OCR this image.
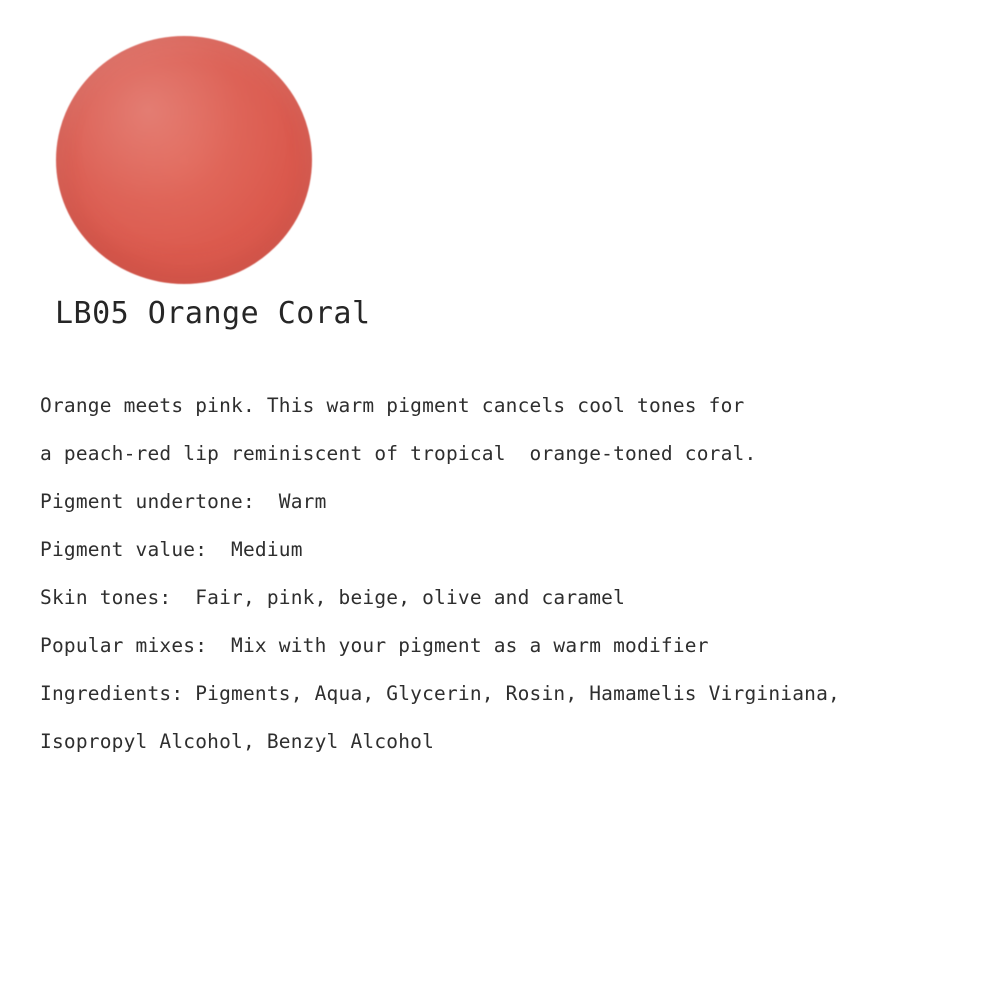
LB05 Orange Coral

Orange meets pink. This warm pigment cancels cool tones for

a peach-red lip reminiscent of tropical  orange-toned coral.

Pigment undertone:  Warm

Pigment value:  Medium

Skin tones:  Fair, pink, beige, olive and caramel

Popular mixes:  Mix with your pigment as a warm modifier

Ingredients: Pigments, Aqua, Glycerin, Rosin, Hamamelis Virginiana,

Isopropyl Alcohol, Benzyl Alcohol
